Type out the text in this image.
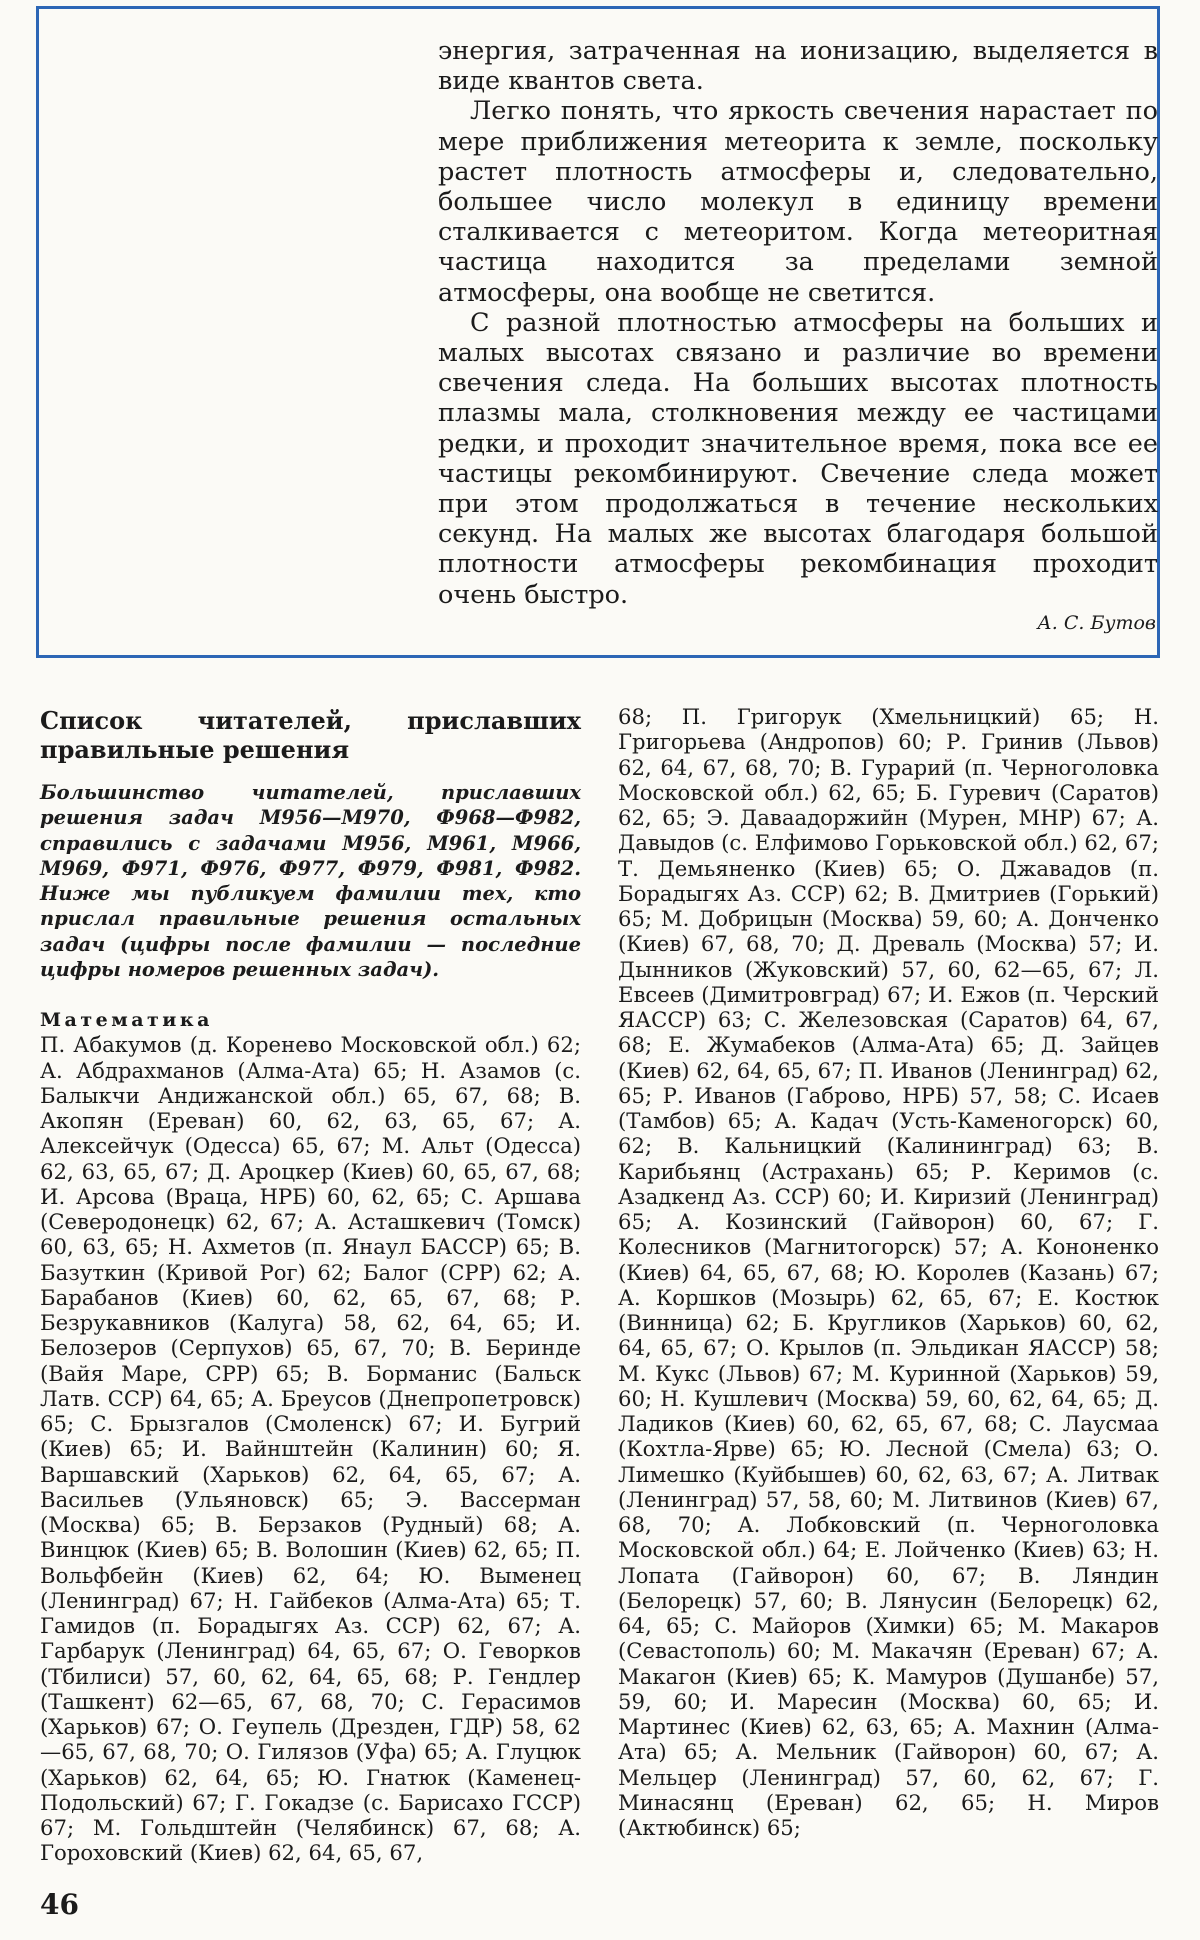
энергия, затраченная на ионизацию, выделяется в виде квантов света.

Легко понять, что яркость свечения нарастает по мере приближения метеорита к земле, поскольку растет плотность атмосферы и, следовательно, большее число молекул в единицу времени сталкивается с метеоритом. Когда метеоритная частица находится за пределами земной атмосферы, она вообще не светится.

С разной плотностью атмосферы на больших и малых высотах связано и различие во времени свечения следа. На больших высотах плотность плазмы мала, столкновения между ее частицами редки, и проходит значительное время, пока все ее частицы рекомбинируют. Свечение следа может при этом продолжаться в течение нескольких секунд. На малых же высотах благодаря большой плотности атмосферы рекомбинация проходит очень быстро.

А. С. Бутов
Список читателей, приславших правильные решения

Большинство читателей, приславших решения задач М956—М970, Ф968—Ф982, справились с задачами М956, М961, М966, М969, Ф971, Ф976, Ф977, Ф979, Ф981, Ф982. Ниже мы публикуем фамилии тех, кто прислал правильные решения остальных задач (цифры после фамилии — последние цифры номеров решенных задач).

Математика

П. Абакумов (д. Коренево Московской обл.) 62; А. Абдрахманов (Алма-Ата) 65; Н. Азамов (с. Балыкчи Андижанской обл.) 65, 67, 68; В. Акопян (Ереван) 60, 62, 63, 65, 67; А. Алексейчук (Одесса) 65, 67; М. Альт (Одесса) 62, 63, 65, 67; Д. Ароцкер (Киев) 60, 65, 67, 68; И. Арсова (Враца, НРБ) 60, 62, 65; С. Аршава (Северодонецк) 62, 67; А. Асташкевич (Томск) 60, 63, 65; Н. Ахметов (п. Янаул БАССР) 65; В. Базуткин (Кривой Рог) 62; Балог (СРР) 62; А. Барабанов (Киев) 60, 62, 65, 67, 68; Р. Безрукавников (Калуга) 58, 62, 64, 65; И. Белозеров (Серпухов) 65, 67, 70; В. Беринде (Вайя Маре, СРР) 65; В. Борманис (Бальск Латв. ССР) 64, 65; А. Бреусов (Днепропетровск) 65; С. Брызгалов (Смоленск) 67; И. Бугрий (Киев) 65; И. Вайнштейн (Калинин) 60; Я. Варшавский (Харьков) 62, 64, 65, 67; А. Васильев (Ульяновск) 65; Э. Вассерман (Москва) 65; В. Берзаков (Рудный) 68; А. Винцюк (Киев) 65; В. Волошин (Киев) 62, 65; П. Вольфбейн (Киев) 62, 64; Ю. Выменец (Ленинград) 67; Н. Гайбеков (Алма-Ата) 65; Т. Гамидов (п. Борадыгях Аз. ССР) 62, 67; А. Гарбарук (Ленинград) 64, 65, 67; О. Геворков (Тбилиси) 57, 60, 62, 64, 65, 68; Р. Гендлер (Ташкент) 62—65, 67, 68, 70; С. Герасимов (Харьков) 67; О. Геупель (Дрезден, ГДР) 58, 62—65, 67, 68, 70; О. Гилязов (Уфа) 65; А. Глуцюк (Харьков) 62, 64, 65; Ю. Гнатюк (Каменец-Подольский) 67; Г. Гокадзе (с. Барисахо ГССР) 67; М. Гольдштейн (Челябинск) 67, 68; А. Гороховский (Киев) 62, 64, 65, 67,

68; П. Григорук (Хмельницкий) 65; Н. Григорьева (Андропов) 60; Р. Гринив (Львов) 62, 64, 67, 68, 70; В. Гурарий (п. Черноголовка Московской обл.) 62, 65; Б. Гуревич (Саратов) 62, 65; Э. Даваадоржийн (Мурен, МНР) 67; А. Давыдов (с. Елфимово Горьковской обл.) 62, 67; Т. Демьяненко (Киев) 65; О. Джавадов (п. Борадыгях Аз. ССР) 62; В. Дмитриев (Горький) 65; М. Добрицын (Москва) 59, 60; А. Донченко (Киев) 67, 68, 70; Д. Древаль (Москва) 57; И. Дынников (Жуковский) 57, 60, 62—65, 67; Л. Евсеев (Димитровград) 67; И. Ежов (п. Черский ЯАССР) 63; С. Железовская (Саратов) 64, 67, 68; Е. Жумабеков (Алма-Ата) 65; Д. Зайцев (Киев) 62, 64, 65, 67; П. Иванов (Ленинград) 62, 65; Р. Иванов (Габрово, НРБ) 57, 58; С. Исаев (Тамбов) 65; А. Кадач (Усть-Каменогорск) 60, 62; В. Кальницкий (Калининград) 63; В. Карибьянц (Астрахань) 65; Р. Керимов (с. Азадкенд Аз. ССР) 60; И. Киризий (Ленинград) 65; А. Козинский (Гайворон) 60, 67; Г. Колесников (Магнитогорск) 57; А. Кононенко (Киев) 64, 65, 67, 68; Ю. Королев (Казань) 67; А. Коршков (Мозырь) 62, 65, 67; Е. Костюк (Винница) 62; Б. Кругликов (Харьков) 60, 62, 64, 65, 67; О. Крылов (п. Эльдикан ЯАССР) 58; М. Кукс (Львов) 67; М. Куринной (Харьков) 59, 60; Н. Кушлевич (Москва) 59, 60, 62, 64, 65; Д. Ладиков (Киев) 60, 62, 65, 67, 68; С. Лаусмаа (Кохтла-Ярве) 65; Ю. Лесной (Смела) 63; О. Лимешко (Куйбышев) 60, 62, 63, 67; А. Литвак (Ленинград) 57, 58, 60; М. Литвинов (Киев) 67, 68, 70; А. Лобковский (п. Черноголовка Московской обл.) 64; Е. Лойченко (Киев) 63; Н. Лопата (Гайворон) 60, 67; В. Ляндин (Белорецк) 57, 60; В. Лянусин (Белорецк) 62, 64, 65; С. Майоров (Химки) 65; М. Макаров (Севастополь) 60; М. Макачян (Ереван) 67; А. Макагон (Киев) 65; К. Мамуров (Душанбе) 57, 59, 60; И. Маресин (Москва) 60, 65; И. Мартинес (Киев) 62, 63, 65; А. Махнин (Алма-Ата) 65; А. Мельник (Гайворон) 60, 67; А. Мельцер (Ленинград) 57, 60, 62, 67; Г. Минасянц (Ереван) 62, 65; Н. Миров (Актюбинск) 65;

46
